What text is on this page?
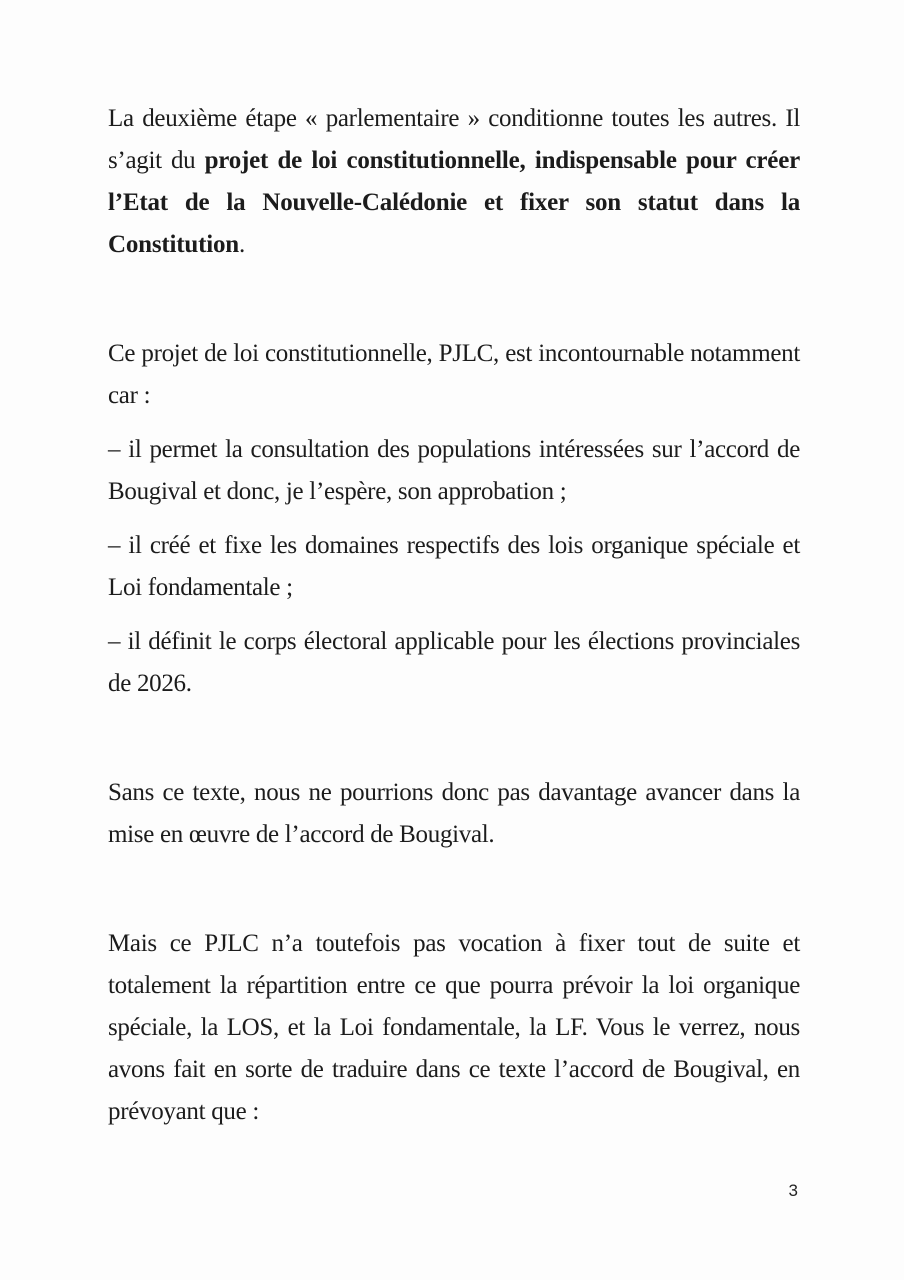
La deuxième étape « parlementaire » conditionne toutes les autres. Il s’agit du projet de loi constitutionnelle, indispensable pour créer l’Etat de la Nouvelle-Calédonie et fixer son statut dans la Constitution.

Ce projet de loi constitutionnelle, PJLC, est incontournable notamment car :

– il permet la consultation des populations intéressées sur l’accord de Bougival et donc, je l’espère, son approbation ;

– il créé et fixe les domaines respectifs des lois organique spéciale et Loi fondamentale ;

– il définit le corps électoral applicable pour les élections provinciales de 2026.

Sans ce texte, nous ne pourrions donc pas davantage avancer dans la mise en œuvre de l’accord de Bougival.

Mais ce PJLC n’a toutefois pas vocation à fixer tout de suite et totalement la répartition entre ce que pourra prévoir la loi organique spéciale, la LOS, et la Loi fondamentale, la LF. Vous le verrez, nous avons fait en sorte de traduire dans ce texte l’accord de Bougival, en prévoyant que :

3
